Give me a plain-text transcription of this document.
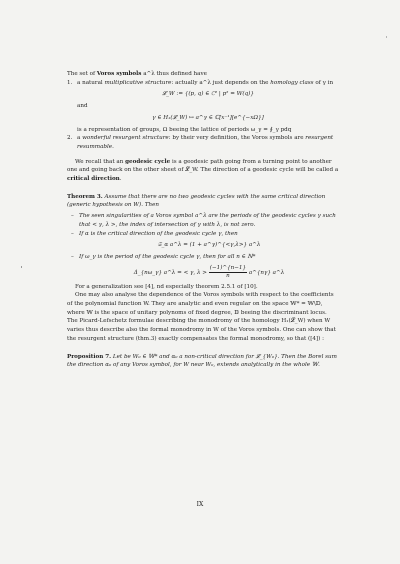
The set of Voros symbols a^λ thus defined have

1. a natural multiplicative structure: actually a^λ just depends on the homology class of γ in
𝓛_W := {(p, q) ∈ ℂ² | p² = W(q)}

and

γ ∈ H₁(𝓛_W) ↦ a^γ ∈ ℂ[x⁻¹][e^{−xΩ}]

is a representation of groups, Ω beeing the lattice of periods ω_γ = ∮_γ pdq

2. a wonderful resurgent structure: by their very definition, the Voros symbols are resurgent resummable.

We recall that an geodesic cycle is a geodesic path going from a turning point to another one and going back on the other sheet of 𝓛_W. The direction of a geodesic cycle will be called a critical direction.

Theorem 3. Assume that there are no two geodesic cycles with the same critical direction (generic hypothesis on W). Then

– The seen singularities of a Voros symbol a^λ are the periods of the geodesic cycles γ such that < γ, λ >, the index of intersection of γ with λ, is not zero.
– If α is the critical direction of the geodesic cycle γ, then
𝔖_α a^λ = (1 + a^γ)^{<γ,λ>} a^λ
– If ω_γ is the period of the geodesic cycle γ, then for all n ∈ ℕ*
Δ̇_{nω_γ} a^λ = < γ, $\lambda > \frac{(-1)\^{}\{n-1\}}{n}$ a^{nγ} a^λ

For a generalization see [4], nd especially theorem 2.5.1 of [10].

One may also analyse the dependence of the Voros symbols with respect to the coefficients of the polynomial function W. They are analytic and even regular on the space 𝕎* = 𝕎\𝔻, where 𝕎 is the space of unitary polynoms of fixed degree, 𝔻 beeing the discriminant locus. The Picard-Lefschetz formulae describing the monodromy of the homology H₁(𝓛_W) when W varies thus describe also the formal monodromy in W of the Voros symbols. One can show that the resurgent structure (thm.3) exactly compensates the formal monodromy, so that ([4]) :

Proposition 7. Let be W₀ ∈ 𝕎* and α₀ a non-critical direction for 𝓛_{W₀}. Then the Borel sum the direction α₀ of any Voros symbol, for W near W₀, extends analytically in the whole 𝕎.

IX
